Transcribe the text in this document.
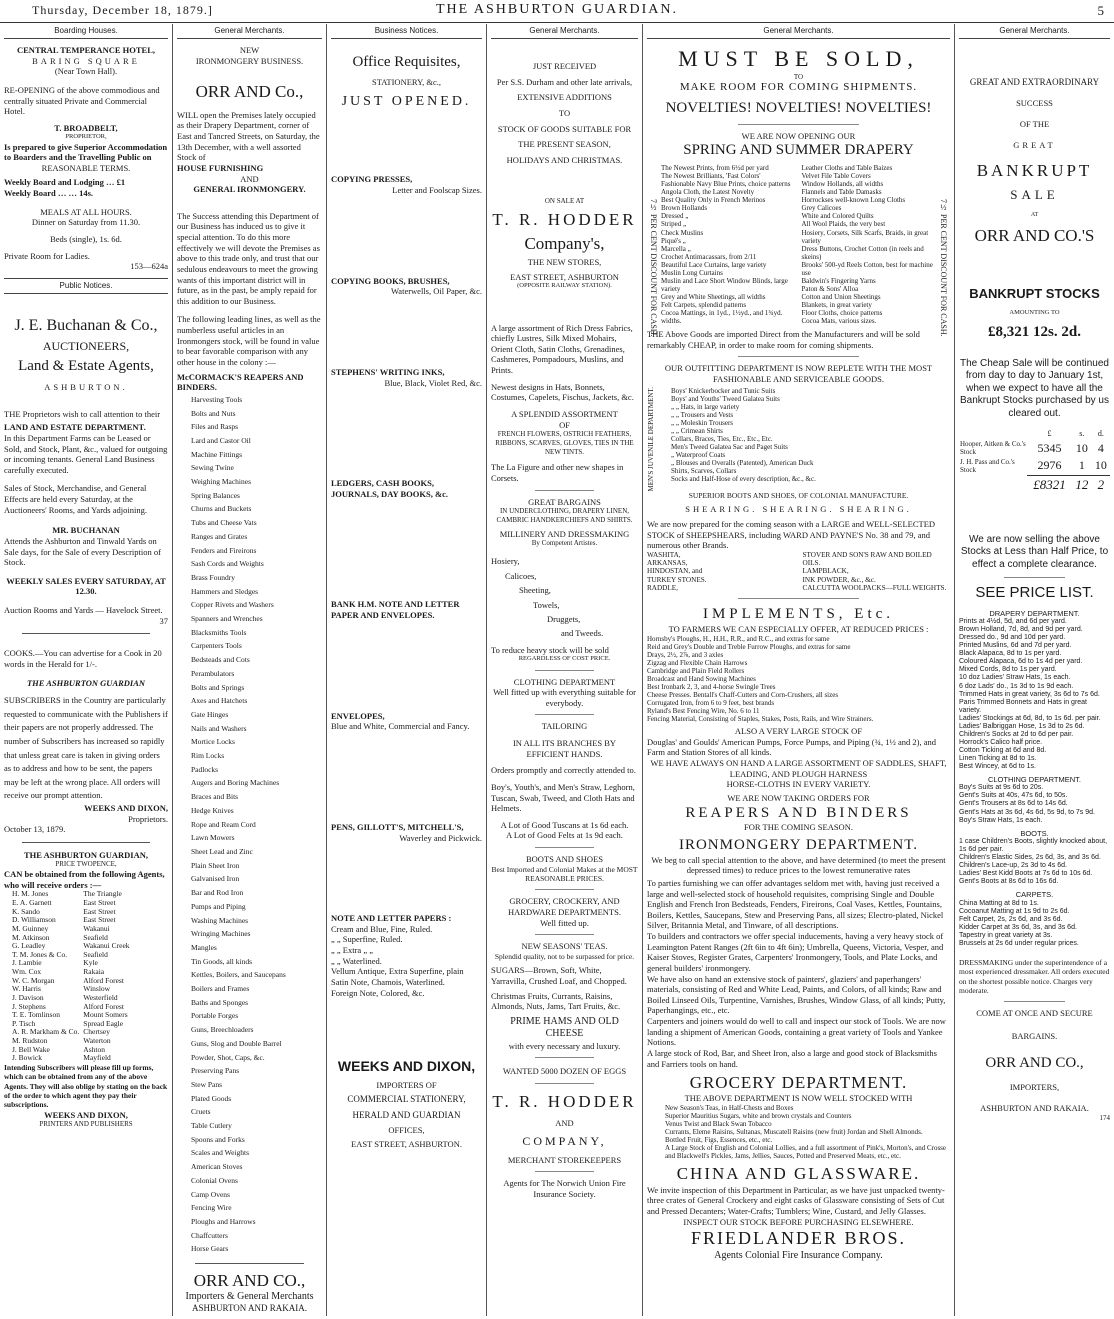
Thursday, December 18, 1879.]	THE ASHBURTON GUARDIAN.	5
Boarding Houses.

CENTRAL TEMPERANCE HOTEL,

BARING SQUARE

(Near Town Hall).

RE-OPENING of the above commodious and centrally situated Private and Commercial Hotel.

T. BROADBELT,

PROPRIETOR,

Is prepared to give Superior Accommodation to Boarders and the Travelling Public on

REASONABLE TERMS.

Weekly Board and Lodging … £1

Weekly Board … … 14s.

MEALS AT ALL HOURS.

Dinner on Saturday from 11.30.

Beds (single), 1s. 6d.

Private Room for Ladies.

153—624a

Public Notices.

J. E. Buchanan & Co.,

AUCTIONEERS,

Land & Estate Agents,

ASHBURTON.

THE Proprietors wish to call attention to their

LAND AND ESTATE DEPARTMENT.

In this Department Farms can be Leased or Sold, and Stock, Plant, &c., valued for outgoing or incoming tenants. General Land Business carefully executed.

Sales of Stock, Merchandise, and General Effects are held every Saturday, at the Auctioneers' Rooms, and Yards adjoining.

MR. BUCHANAN

Attends the Ashburton and Tinwald Yards on Sale days, for the Sale of every Description of Stock.

WEEKLY SALES EVERY SATURDAY, AT 12.30.

Auction Rooms and Yards — Havelock Street.

37

COOKS.—You can advertise for a Cook in 20 words in the Herald for 1/-.

THE ASHBURTON GUARDIAN

SUBSCRIBERS in the Country are particularly requested to communicate with the Publishers if their papers are not properly addressed. The number of Subscribers has increased so rapidly that unless great care is taken in giving orders as to address and how to be sent, the papers may be left at the wrong place. All orders will receive our prompt attention.

WEEKS AND DIXON,

Proprietors.

October 13, 1879.

THE ASHBURTON GUARDIAN,

PRICE TWOPENCE,

CAN be obtained from the following Agents, who will receive orders :—

H. M. Jones	The Triangle
E. A. Garnett	East Street
K. Sando	East Street
D. Williamson	East Street
M. Guinney	Wakanui
M. Atkinson	Seafield
G. Leadley	Wakanui Creek
T. M. Jones & Co.	Seafield
J. Lambie	Kyle
Wm. Cox	Rakaia
W. C. Morgan	Alford Forest
W. Harris	Winslow
J. Davison	Westerfield
J. Stephens	Alford Forest
T. E. Tomlinson	Mount Somers
P. Tisch	Spread Eagle
A. R. Markham & Co.	Chertsey
M. Rudston	Waterton
J. Bell Wake	Ashton
J. Bowick	Mayfield

Intending Subscribers will please fill up forms, which can be obtained from any of the above Agents. They will also oblige by stating on the back of the order to which agent they pay their subscriptions.

WEEKS AND DIXON,

PRINTERS AND PUBLISHERS

General Merchants.

NEW

IRONMONGERY BUSINESS.

ORR AND Co.,

WILL open the Premises lately occupied as their Drapery Department, corner of East and Tancred Streets, on Saturday, the 13th December, with a well assorted Stock of

HOUSE FURNISHING

AND

GENERAL IRONMONGERY.

The Success attending this Department of our Business has induced us to give it special attention. To do this more effectively we will devote the Premises as above to this trade only, and trust that our sedulous endeavours to meet the growing wants of this important district will in future, as in the past, be amply repaid for this addition to our Business.

The following leading lines, as well as the numberless useful articles in an Ironmongers stock, will be found in value to bear favorable comparison with any other house in the colony :—

McCORMACK'S REAPERS AND BINDERS.

Harvesting Tools
Bolts and Nuts
Files and Rasps
Lard and Castor Oil
Machine Fittings
Sewing Twine
Weighing Machines
Spring Balances
Churns and Buckets
Tubs and Cheese Vats
Ranges and Grates
Fenders and Fireirons
Sash Cords and Weights
Brass Foundry
Hammers and Sledges
Copper Rivets and Washers
Spanners and Wrenches
Blacksmiths Tools
Carpenters Tools
Bedsteads and Cots
Perambulators
Bolts and Springs
Axes and Hatchets
Gate Hinges
Nails and Washers
Mortice Locks
Rim Locks
Padlocks
Augers and Boring Machines
Braces and Bits
Hedge Knives
Rope and Ream Cord
Lawn Mowers
Sheet Lead and Zinc
Plain Sheet Iron
Galvanised Iron
Bar and Rod Iron
Pumps and Piping
Washing Machines
Wringing Machines
Mangles
Tin Goods, all kinds
Kettles, Boilers, and Saucepans
Boilers and Frames
Baths and Sponges
Portable Forges
Guns, Breechloaders
Guns, Slog and Double Barrel
Powder, Shot, Caps, &c.
Preserving Pans
Stew Pans
Plated Goods
Cruets
Table Cutlery
Spoons and Forks
Scales and Weights
American Stoves
Colonial Ovens
Camp Ovens
Fencing Wire
Ploughs and Harrows
Chaffcutters
Horse Gears

ORR AND CO.,

Importers & General Merchants

ASHBURTON AND RAKAIA.

Business Notices.

Office Requisites,

STATIONERY, &c.,

JUST OPENED.

COPYING PRESSES,

Letter and Foolscap Sizes.

COPYING BOOKS, BRUSHES,

Waterwells, Oil Paper, &c.

STEPHENS' WRITING INKS,

Blue, Black, Violet Red, &c.

LEDGERS, CASH BOOKS, JOURNALS, DAY BOOKS, &c.

BANK H.M. NOTE AND LETTER PAPER AND ENVELOPES.

ENVELOPES,

Blue and White, Commercial and Fancy.

PENS, GILLOTT'S, MITCHELL'S,

Waverley and Pickwick.

NOTE AND LETTER PAPERS :

Cream and Blue, Fine, Ruled.

„ „ Superfine, Ruled.

„ „ Extra „ „

„ „ Waterlined.

Vellum Antique, Extra Superfine, plain

Satin Note, Chamois, Waterlined.

Foreign Note, Colored, &c.

WEEKS AND DIXON,

IMPORTERS OF

COMMERCIAL STATIONERY,

HERALD AND GUARDIAN

OFFICES,

EAST STREET, ASHBURTON.

General Merchants.

JUST RECEIVED

Per S.S. Durham and other late arrivals,

EXTENSIVE ADDITIONS

TO

STOCK OF GOODS SUITABLE FOR

THE PRESENT SEASON,

HOLIDAYS AND CHRISTMAS.

ON SALE AT

T. R. HODDER

Company's,

THE NEW STORES,

EAST STREET, ASHBURTON

(OPPOSITE RAILWAY STATION).

A large assortment of Rich Dress Fabrics, chiefly Lustres, Silk Mixed Mohairs, Orient Cloth, Satin Cloths, Grenadines, Cashmeres, Pompadours, Muslins, and Prints.

Newest designs in Hats, Bonnets, Costumes, Capelets, Fischus, Jackets, &c.

A SPLENDID ASSORTMENT

OF

FRENCH FLOWERS, OSTRICH FEATHERS, RIBBONS, SCARVES, GLOVES, TIES IN THE NEW TINTS.

The La Figure and other new shapes in Corsets.

GREAT BARGAINS

IN UNDERCLOTHING, DRAPERY LINEN, CAMBRIC HANDKERCHIEFS AND SHIRTS.

MILLINERY AND DRESSMAKING

By Competent Artistes.

Hosiery,

Calicoes,

Sheeting,

Towels,

Druggets,

and Tweeds.

To reduce heavy stock will be sold

REGARDLESS OF COST PRICE.

CLOTHING DEPARTMENT

Well fitted up with everything suitable for everybody.

TAILORING

IN ALL ITS BRANCHES BY EFFICIENT HANDS.

Orders promptly and correctly attended to.

Boy's, Youth's, and Men's Straw, Leghorn, Tuscan, Swab, Tweed, and Cloth Hats and Helmets.

A Lot of Good Tuscans at 1s 6d each.

A Lot of Good Felts at 1s 9d each.

BOOTS AND SHOES

Best Imported and Colonial Makes at the MOST REASONABLE PRICES.

GROCERY, CROCKERY, AND HARDWARE DEPARTMENTS.

Well fitted up.

NEW SEASONS' TEAS.

Splendid quality, not to be surpassed for price.

SUGARS—Brown, Soft, White, Yarravilla, Crushed Loaf, and Chopped.

Christmas Fruits, Currants, Raisins, Almonds, Nuts, Jams, Tart Fruits, &c.

PRIME HAMS AND OLD CHEESE

with every necessary and luxury.

WANTED 5000 DOZEN OF EGGS

T. R. HODDER

AND

COMPANY,

MERCHANT STOREKEEPERS

Agents for The Norwich Union Fire Insurance Society.

General Merchants.

MUST BE SOLD,

TO

MAKE ROOM FOR COMING SHIPMENTS.

NOVELTIES! NOVELTIES! NOVELTIES!

WE ARE NOW OPENING OUR

SPRING AND SUMMER DRAPERY

The Newest Prints, from 6½d per yard

The Newest Brilliants, 'Fast Colors'

Fashionable Navy Blue Prints, choice patterns

Angola Cloth, the Latest Novelty

Best Quality Only in French Merinos

Brown Hollands

Dressed „

Striped „

Check Muslins

Piqué's „

Marcella „

Crochet Antimacassars, from 2/11

Beautiful Lace Curtains, large variety

Muslin Long Curtains

Muslin and Lace Short Window Blinds, large variety

Grey and White Sheetings, all widths

Felt Carpets, splendid patterns

Cocoa Mattings, in 1yd., 1½yd., and 1¾yd. widths.

Leather Cloths and Table Baizes

Velvet File Table Covers

Window Hollands, all widths

Flannels and Table Damasks

Horrockses well-known Long Cloths

Grey Calicoes

White and Colored Quilts

All Wool Plaids, the very best

Hosiery, Corsets, Silk Scarfs, Braids, in great variety

Dress Buttons, Crochet Cotton (in reels and skeins)

Brooks' 500-yd Reels Cotton, best for machine use

Baldwin's Fingering Yarns

Paton & Sons' Alloa

Cotton and Union Sheetings

Blankets, in great variety

Floor Cloths, choice patterns

Cocoa Mats, various sizes.

7½ PER CENT DISCOUNT FOR CASH.	7½ PER CENT DISCOUNT FOR CASH.

THE Above Goods are imported Direct from the Manufacturers and will be sold remarkably CHEAP, in order to make room for coming shipments.

OUR OUTFITTING DEPARTMENT IS NOW REPLETE WITH THE MOST FASHIONABLE AND SERVICEABLE GOODS.

MEN'S JUVENILE DEPARTMENT.	Boys' Knickerbocker and Tunic Suits

Boys' and Youths' Tweed Galatea Suits

„ „ Hats, in large variety

„ „ Trousers and Vests

„ „ Moleskin Trousers

„ „ Crimean Shirts

Collars, Braces, Ties, Etc., Etc., Etc.

Men's Tweed Galatea Sac and Paget Suits

„ Waterproof Coats

„ Blouses and Overalls (Patented), American Duck

Shirts, Scarves, Collars

Socks and Half-Hose of every description, &c., &c.

SUPERIOR BOOTS AND SHOES, OF COLONIAL MANUFACTURE.

SHEARING. SHEARING. SHEARING.

We are now prepared for the coming season with a LARGE and WELL-SELECTED STOCK of SHEEPSHEARS, including WARD AND PAYNE'S No. 38 and 79, and numerous other Brands.

WASHITA,

ARKANSAS,

HINDOSTAN, and

TURKEY STONES.

RADDLE,

STOVER AND SON'S RAW AND BOILED OILS.

LAMPBLACK,

INK POWDER, &c., &c.

CALCUTTA WOOLPACKS—FULL WEIGHTS.

IMPLEMENTS, Etc.

TO FARMERS WE CAN ESPECIALLY OFFER, AT REDUCED PRICES :

Hornsby's Ploughs, H., H.H., R.R., and R.C., and extras for same

Reid and Grey's Double and Treble Furrow Ploughs, and extras for same

Drays, 2½, 2⅞, and 3 axles

Zigzag and Flexible Chain Harrows

Cambridge and Plain Field Rollers

Broadcast and Hand Sowing Machines

Best Ironbark 2, 3, and 4-horse Swingle Trees

Cheese Presses. Bentall's Chaff-Cutters and Corn-Crushers, all sizes

Corrugated Iron, from 6 to 9 feet, best brands

Ryland's Best Fencing Wire, No. 6 to 11

Fencing Material, Consisting of Staples, Stakes, Posts, Rails, and Wire Strainers.

ALSO A VERY LARGE STOCK OF

Douglas' and Goulds' American Pumps, Force Pumps, and Piping (¾, 1½ and 2), and Farm and Station Stores of all kinds.

WE HAVE ALWAYS ON HAND A LARGE ASSORTMENT OF SADDLES, SHAFT, LEADING, AND PLOUGH HARNESS

HORSE-CLOTHS IN EVERY VARIETY.

WE ARE NOW TAKING ORDERS FOR

REAPERS AND BINDERS

FOR THE COMING SEASON.

IRONMONGERY DEPARTMENT.

We beg to call special attention to the above, and have determined (to meet the present depressed times) to reduce prices to the lowest remunerative rates

To parties furnishing we can offer advantages seldom met with, having just received a large and well-selected stock of household requisites, comprising Single and Double English and French Iron Bedsteads, Fenders, Fireirons, Coal Vases, Kettles, Fountains, Boilers, Kettles, Saucepans, Stew and Preserving Pans, all sizes; Electro-plated, Nickel Silver, Britannia Metal, and Tinware, of all descriptions.

To builders and contractors we offer special inducements, having a very heavy stock of Leamington Patent Ranges (2ft 6in to 4ft 6in); Umbrella, Queens, Victoria, Vesper, and Kaiser Stoves, Register Grates, Carpenters' Ironmongery, Tools, and Plate Locks, and general builders' ironmongery.

We have also on hand an extensive stock of painters', glaziers' and paperhangers' materials, consisting of Red and White Lead, Paints, and Colors, of all kinds; Raw and Boiled Linseed Oils, Turpentine, Varnishes, Brushes, Window Glass, of all kinds; Putty, Paperhangings, etc., etc.

Carpenters and joiners would do well to call and inspect our stock of Tools. We are now landing a shipment of American Goods, containing a great variety of Tools and Yankee Notions.

A large stock of Rod, Bar, and Sheet Iron, also a large and good stock of Blacksmiths and Farriers tools on hand.

GROCERY DEPARTMENT.

THE ABOVE DEPARTMENT IS NOW WELL STOCKED WITH

New Season's Teas, in Half-Chests and Boxes

Superior Mauritius Sugars, white and brown crystals and Counters

Venus Twist and Black Swan Tobacco

Currants, Eleme Raisins, Sultanas, Muscatell Raisins (new fruit) Jordan and Shell Almonds.

Bottled Fruit, Figs, Essences, etc., etc.

A Large Stock of English and Colonial Lollies, and a full assortment of Pink's, Morton's, and Crosse and Blackwell's Pickles, Jams, Jellies, Sauces, Potted and Preserved Meats, etc., etc.

CHINA AND GLASSWARE.

We invite inspection of this Department in Particular, as we have just unpacked twenty-three crates of General Crockery and eight casks of Glassware consisting of Sets of Cut and Pressed Decanters; Water-Crafts; Tumblers; Wine, Custard, and Jelly Glasses.

INSPECT OUR STOCK BEFORE PURCHASING ELSEWHERE.

FRIEDLANDER BROS.

Agents Colonial Fire Insurance Company.

General Merchants.

GREAT AND EXTRAORDINARY

SUCCESS

OF THE

GREAT

BANKRUPT

SALE

AT

ORR AND CO.'S

BANKRUPT STOCKS

AMOUNTING TO

£8,321 12s. 2d.

The Cheap Sale will be continued from day to day to January 1st, when we expect to have all the Bankrupt Stocks purchased by us cleared out.

	£	s.	d.
Hooper, Aitken & Co.'s Stock	5345	10	4
J. H. Pass and Co.'s Stock	2976	1	10
	£8321	12	2

We are now selling the above Stocks at Less than Half Price, to effect a complete clearance.

SEE PRICE LIST.

DRAPERY DEPARTMENT.

Prints at 4½d, 5d, and 6d per yard.

Brown Holland, 7d, 8d, and 9d per yard.

Dressed do., 9d and 10d per yard.

Printed Muslins, 6d and 7d per yard.

Black Alapaca, 8d to 1s per yard.

Coloured Alapaca, 6d to 1s 4d per yard.

Mixed Cords, 8d to 1s per yard.

10 doz Ladies' Straw Hats, 1s each.

6 doz Lads' do., 1s 3d to 1s 9d each.

Trimmed Hats in great variety, 3s 6d to 7s 6d.

Paris Trimmed Bonnets and Hats in great variety.

Ladies' Stockings at 6d, 8d, to 1s 6d. per pair.

Ladies' Balbriggan Hose, 1s 3d to 2s 6d.

Children's Socks at 2d to 6d per pair.

Horrock's Calico half price.

Cotton Ticking at 6d and 8d.

Linen Ticking at 8d to 1s.

Best Wincey, at 6d to 1s.

CLOTHING DEPARTMENT.

Boy's Suits at 9s 6d to 20s.

Gent's Suits at 40s, 47s 6d, to 50s.

Gent's Trousers at 8s 6d to 14s 6d.

Gent's Hats at 3s 6d, 4s 6d, 5s 9d, to 7s 9d.

Boy's Straw Hats, 1s each.

BOOTS.

1 case Children's Boots, slightly knocked about, 1s 6d per pair.

Children's Elastic Sides, 2s 6d, 3s, and 3s 6d.

Children's Lace-up, 2s 3d to 4s 6d.

Ladies' Best Kidd Boots at 7s 6d to 10s 6d.

Gent's Boots at 8s 6d to 16s 6d.

CARPETS.

China Matting at 8d to 1s.

Cocoanut Matting at 1s 9d to 2s 6d.

Felt Carpet, 2s, 2s 6d, and 3s 6d.

Kidder Carpet at 3s 6d, 3s, and 3s 6d.

Tapestry in great variety at 3s.

Brussels at 2s 6d under regular prices.

DRESSMAKING under the superintendence of a most experienced dressmaker. All orders executed on the shortest possible notice. Charges very moderate.

COME AT ONCE AND SECURE

BARGAINS.

ORR AND CO.,

IMPORTERS,

ASHBURTON AND RAKAIA.

174
